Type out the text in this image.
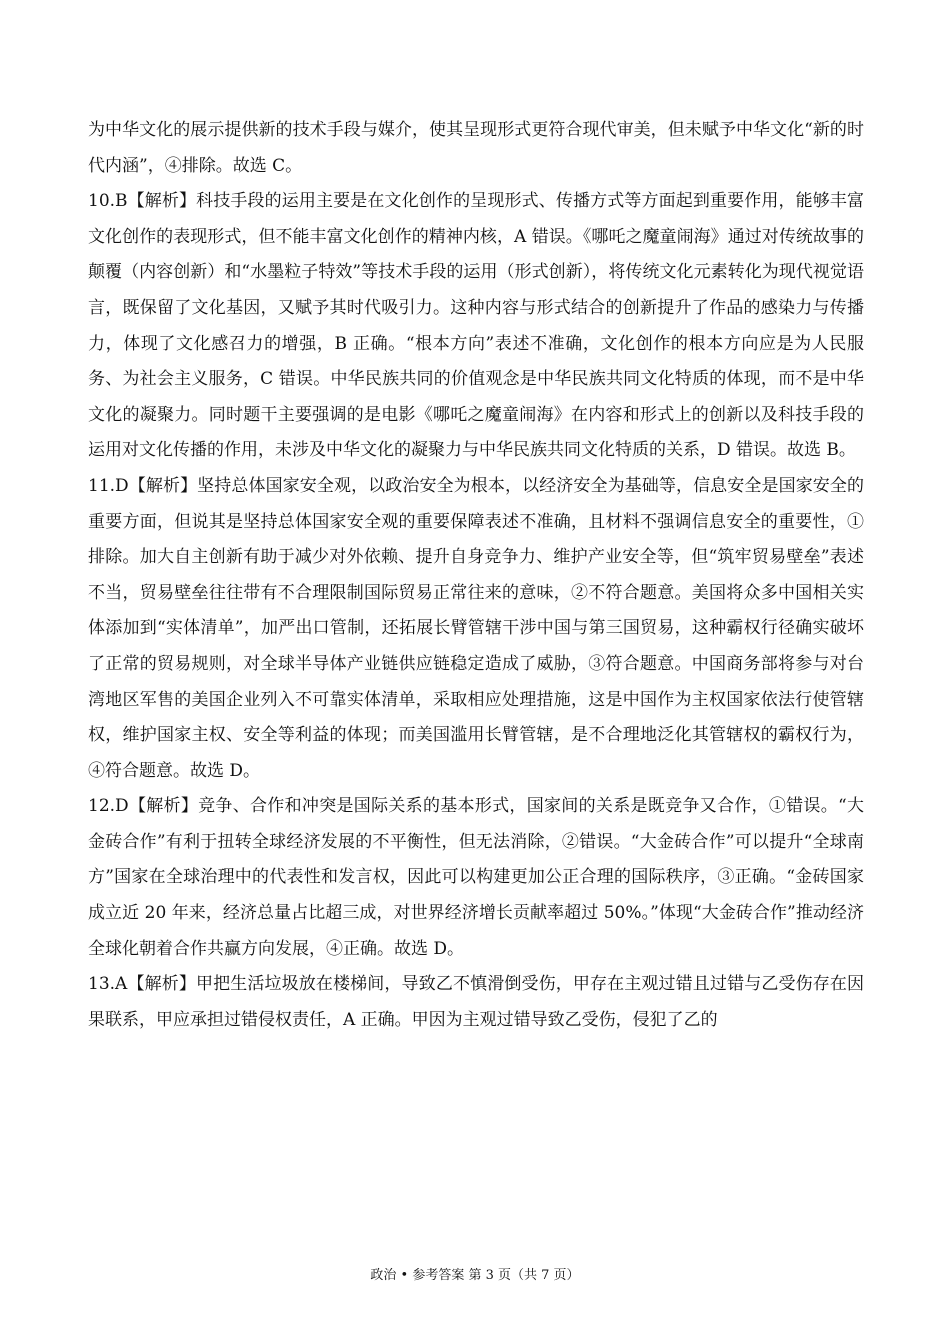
为中华文化的展示提供新的技术手段与媒介，使其呈现形式更符合现代审美，但未赋予中华文化“新的时代内涵”，④排除。故选 C。

10.B【解析】科技手段的运用主要是在文化创作的呈现形式、传播方式等方面起到重要作用，能够丰富文化创作的表现形式，但不能丰富文化创作的精神内核，A 错误。《哪吒之魔童闹海》通过对传统故事的颠覆（内容创新）和“水墨粒子特效”等技术手段的运用（形式创新），将传统文化元素转化为现代视觉语言，既保留了文化基因，又赋予其时代吸引力。这种内容与形式结合的创新提升了作品的感染力与传播力，体现了文化感召力的增强，B 正确。“根本方向”表述不准确，文化创作的根本方向应是为人民服务、为社会主义服务，C 错误。中华民族共同的价值观念是中华民族共同文化特质的体现，而不是中华文化的凝聚力。同时题干主要强调的是电影《哪吒之魔童闹海》在内容和形式上的创新以及科技手段的运用对文化传播的作用，未涉及中华文化的凝聚力与中华民族共同文化特质的关系，D 错误。故选 B。

11.D【解析】坚持总体国家安全观，以政治安全为根本，以经济安全为基础等，信息安全是国家安全的重要方面，但说其是坚持总体国家安全观的重要保障表述不准确，且材料不强调信息安全的重要性，①排除。加大自主创新有助于减少对外依赖、提升自身竞争力、维护产业安全等，但“筑牢贸易壁垒”表述不当，贸易壁垒往往带有不合理限制国际贸易正常往来的意味，②不符合题意。美国将众多中国相关实体添加到“实体清单”，加严出口管制，还拓展长臂管辖干涉中国与第三国贸易，这种霸权行径确实破坏了正常的贸易规则，对全球半导体产业链供应链稳定造成了威胁，③符合题意。中国商务部将参与对台湾地区军售的美国企业列入不可靠实体清单，采取相应处理措施，这是中国作为主权国家依法行使管辖权，维护国家主权、安全等利益的体现；而美国滥用长臂管辖，是不合理地泛化其管辖权的霸权行为，④符合题意。故选 D。

12.D【解析】竞争、合作和冲突是国际关系的基本形式，国家间的关系是既竞争又合作，①错误。“大金砖合作”有利于扭转全球经济发展的不平衡性，但无法消除，②错误。“大金砖合作”可以提升“全球南方”国家在全球治理中的代表性和发言权，因此可以构建更加公正合理的国际秩序，③正确。“金砖国家成立近 20 年来，经济总量占比超三成，对世界经济增长贡献率超过 50%。”体现“大金砖合作”推动经济全球化朝着合作共赢方向发展，④正确。故选 D。

13.A【解析】甲把生活垃圾放在楼梯间，导致乙不慎滑倒受伤，甲存在主观过错且过错与乙受伤存在因果联系，甲应承担过错侵权责任，A 正确。甲因为主观过错导致乙受伤，侵犯了乙的

政治 • 参考答案 第 3 页（共 7 页）
